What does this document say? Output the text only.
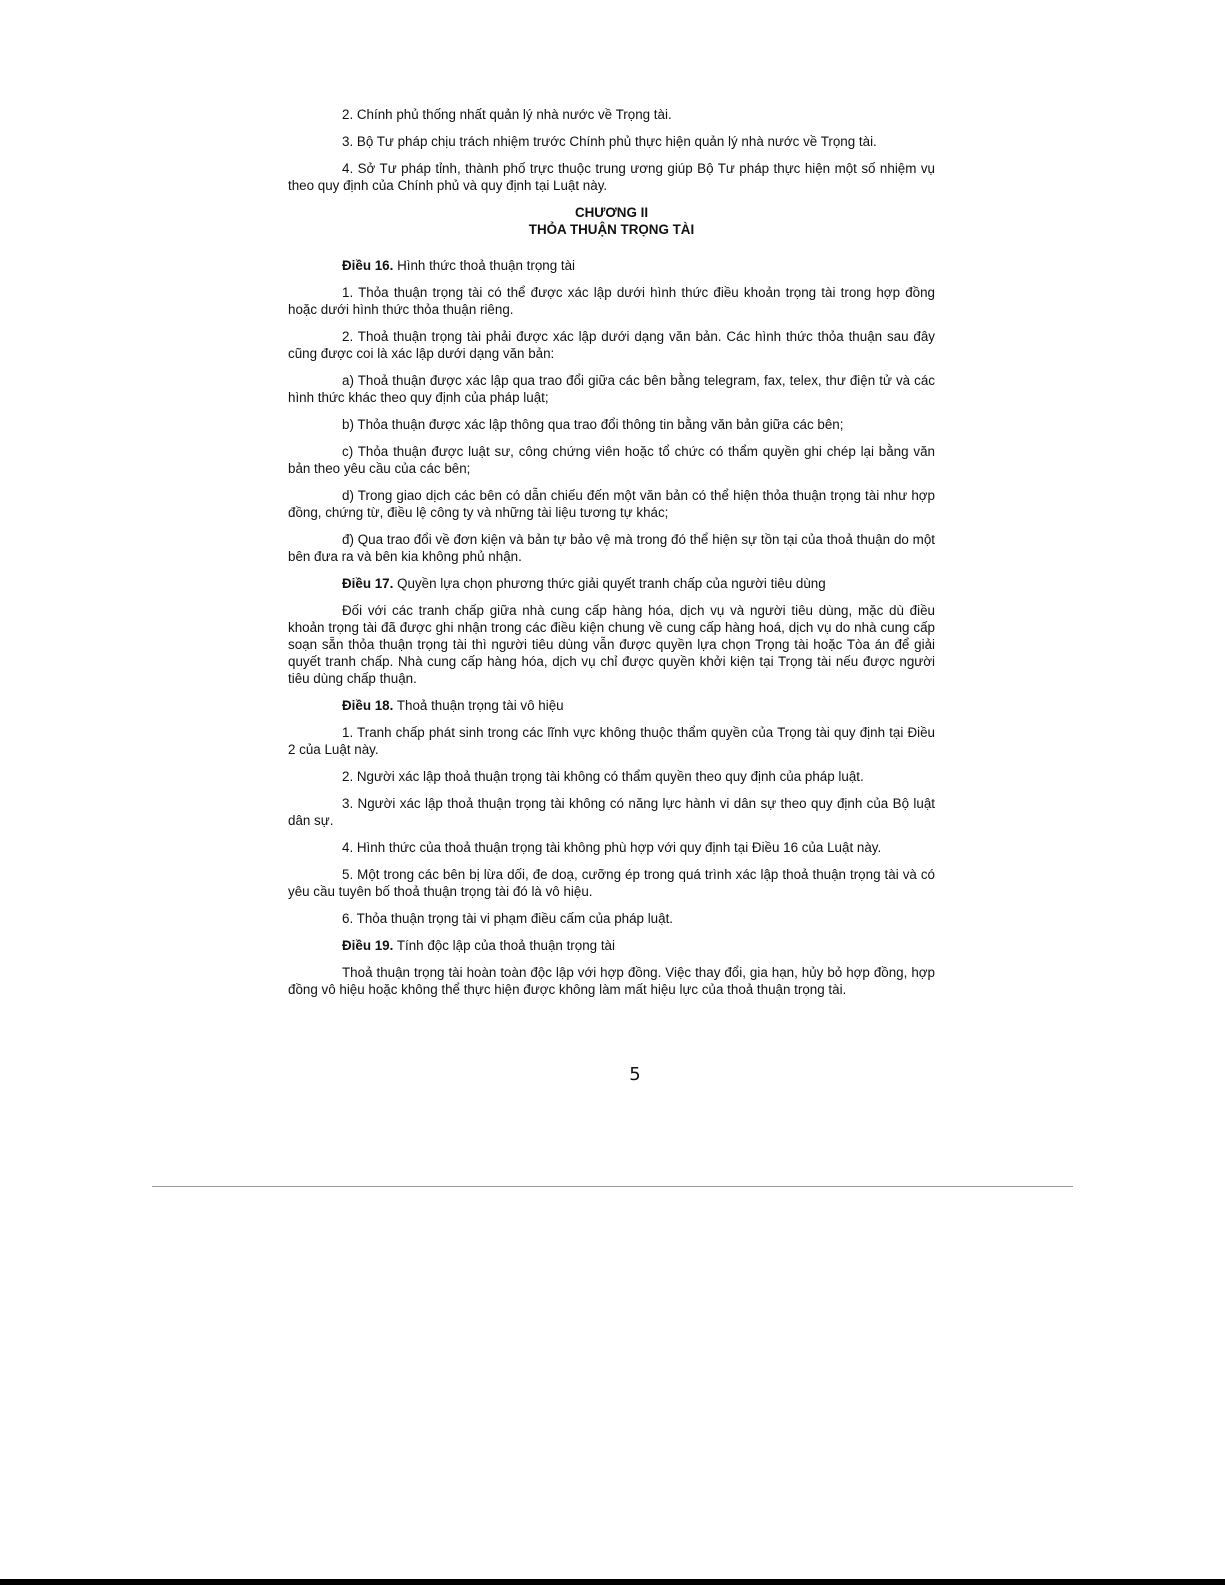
2. Chính phủ thống nhất quản lý nhà nước về Trọng tài.

3. Bộ Tư pháp chịu trách nhiệm trước Chính phủ thực hiện quản lý nhà nước về Trọng tài.

4. Sở Tư pháp tỉnh, thành phố trực thuộc trung ương giúp Bộ Tư pháp thực hiện một số nhiệm vụ theo quy định của Chính phủ và quy định tại Luật này.

CHƯƠNG II
THỎA THUẬN TRỌNG TÀI

Điều 16. Hình thức thoả thuận trọng tài

1. Thỏa thuận trọng tài có thể được xác lập dưới hình thức điều khoản trọng tài trong hợp đồng hoặc dưới hình thức thỏa thuận riêng.

2. Thoả thuận trọng tài phải được xác lập dưới dạng văn bản. Các hình thức thỏa thuận sau đây cũng được coi là xác lập dưới dạng văn bản:

a) Thoả thuận được xác lập qua trao đổi giữa các bên bằng telegram, fax, telex, thư điện tử và các hình thức khác theo quy định của pháp luật;

b) Thỏa thuận được xác lập thông qua trao đổi thông tin bằng văn bản giữa các bên;

c) Thỏa thuận được luật sư, công chứng viên hoặc tổ chức có thẩm quyền ghi chép lại bằng văn bản theo yêu cầu của các bên;

d) Trong giao dịch các bên có dẫn chiếu đến một văn bản có thể hiện thỏa thuận trọng tài như hợp đồng, chứng từ, điều lệ công ty và những tài liệu tương tự khác;

đ) Qua trao đổi về đơn kiện và bản tự bảo vệ mà trong đó thể hiện sự tồn tại của thoả thuận do một bên đưa ra và bên kia không phủ nhận.

Điều 17. Quyền lựa chọn phương thức giải quyết tranh chấp của người tiêu dùng

Đối với các tranh chấp giữa nhà cung cấp hàng hóa, dịch vụ và người tiêu dùng, mặc dù điều khoản trọng tài đã được ghi nhận trong các điều kiện chung về cung cấp hàng hoá, dịch vụ do nhà cung cấp soạn sẵn thỏa thuận trọng tài thì người tiêu dùng vẫn được quyền lựa chọn Trọng tài hoặc Tòa án để giải quyết tranh chấp. Nhà cung cấp hàng hóa, dịch vụ chỉ được quyền khởi kiện tại Trọng tài nếu được người tiêu dùng chấp thuận.

Điều 18. Thoả thuận trọng tài vô hiệu

1. Tranh chấp phát sinh trong các lĩnh vực không thuộc thẩm quyền của Trọng tài quy định tại Điều 2 của Luật này.

2. Người xác lập thoả thuận trọng tài không có thẩm quyền theo quy định của pháp luật.

3. Người xác lập thoả thuận trọng tài không có năng lực hành vi dân sự theo quy định của Bộ luật dân sự.

4. Hình thức của thoả thuận trọng tài không phù hợp với quy định tại Điều 16 của Luật này.

5. Một trong các bên bị lừa dối, đe doạ, cưỡng ép trong quá trình xác lập thoả thuận trọng tài và có yêu cầu tuyên bố thoả thuận trọng tài đó là vô hiệu.

6. Thỏa thuận trọng tài vi phạm điều cấm của pháp luật.

Điều 19. Tính độc lập của thoả thuận trọng tài

Thoả thuận trọng tài hoàn toàn độc lập với hợp đồng. Việc thay đổi, gia hạn, hủy bỏ hợp đồng, hợp đồng vô hiệu hoặc không thể thực hiện được không làm mất hiệu lực của thoả thuận trọng tài.

5
